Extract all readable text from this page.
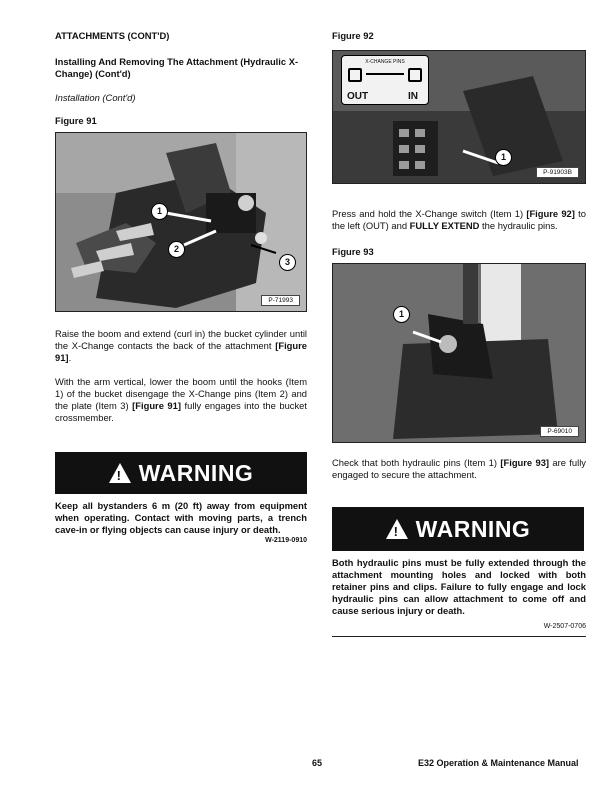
ATTACHMENTS (CONT'D)

Installing And Removing The Attachment (Hydraulic X-Change) (Cont'd)

Installation (Cont'd)

Figure 91

1
2
3
P-71993

Raise the boom and extend (curl in) the bucket cylinder until the X-Change contacts the back of the attachment [Figure 91].

With the arm vertical, lower the boom until the hooks (Item 1) of the bucket disengage the X-Change pins (Item 2) and the plate (Item 3) [Figure 91] fully engages into the bucket crossmember.

! WARNING

Keep all bystanders 6 m (20 ft) away from equipment when operating. Contact with moving parts, a trench cave-in or flying objects can cause injury or death.

W-2119-0910

Figure 92

X-CHANGE PINS
OUT	IN
1
P-91903B

Press and hold the X-Change switch (Item 1) [Figure 92] to the left (OUT) and FULLY EXTEND the hydraulic pins.

Figure 93

1
P-69010

Check that both hydraulic pins (Item 1) [Figure 93] are fully engaged to secure the attachment.

! WARNING

Both hydraulic pins must be fully extended through the attachment mounting holes and locked with both retainer pins and clips. Failure to fully engage and lock hydraulic pins can allow attachment to come off and cause serious injury or death.

W-2507-0706
65	E32 Operation & Maintenance Manual
